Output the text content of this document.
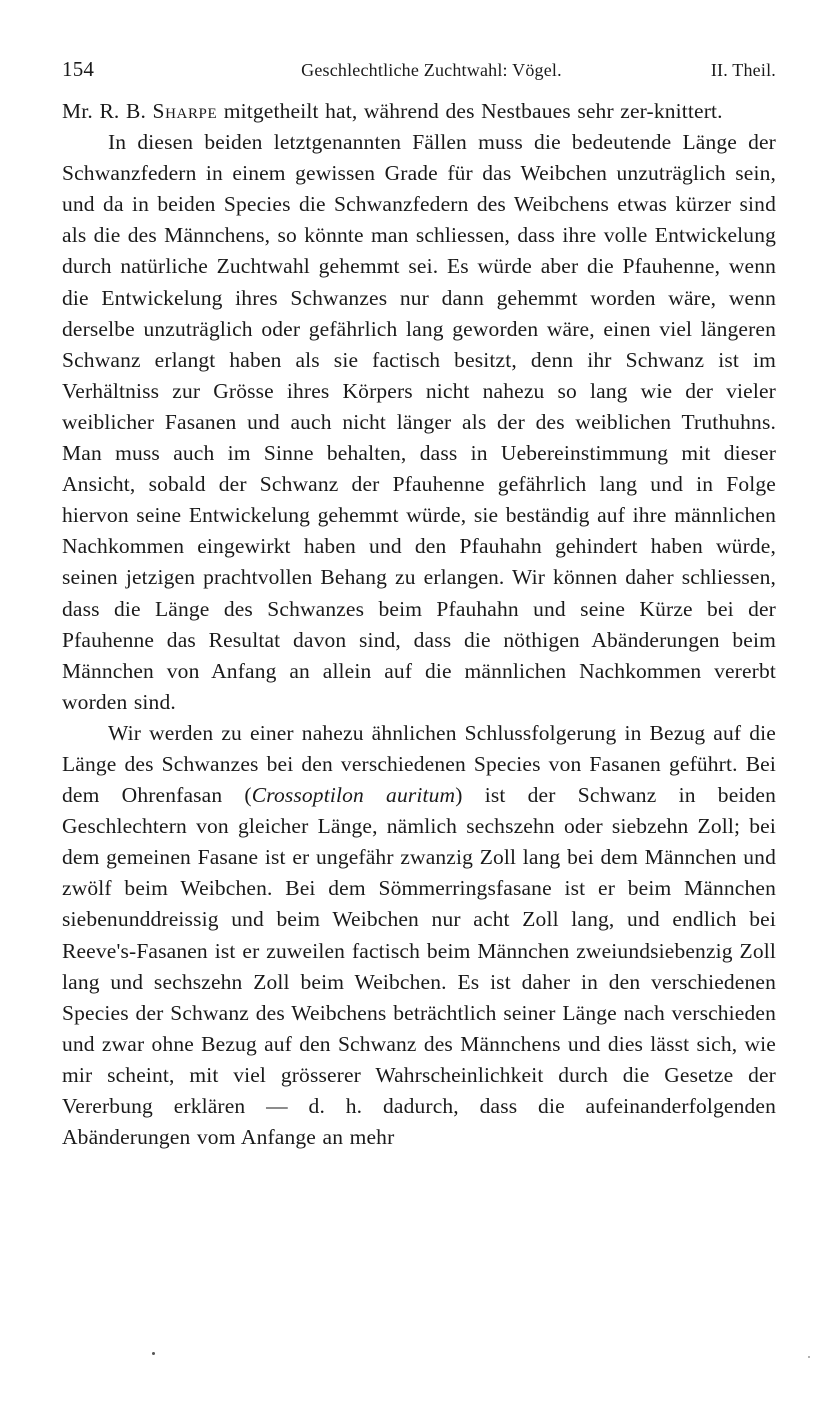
154	Geschlechtliche Zuchtwahl: Vögel.	II. Theil.

Mr. R. B. Sharpe mitgetheilt hat, während des Nestbaues sehr zer-knittert.

In diesen beiden letztgenannten Fällen muss die bedeutende Länge der Schwanzfedern in einem gewissen Grade für das Weibchen unzuträglich sein, und da in beiden Species die Schwanzfedern des Weibchens etwas kürzer sind als die des Männchens, so könnte man schliessen, dass ihre volle Entwickelung durch natürliche Zuchtwahl gehemmt sei. Es würde aber die Pfauhenne, wenn die Entwickelung ihres Schwanzes nur dann gehemmt worden wäre, wenn derselbe unzuträglich oder gefährlich lang geworden wäre, einen viel längeren Schwanz erlangt haben als sie factisch besitzt, denn ihr Schwanz ist im Verhältniss zur Grösse ihres Körpers nicht nahezu so lang wie der vieler weiblicher Fasanen und auch nicht länger als der des weiblichen Truthuhns. Man muss auch im Sinne behalten, dass in Uebereinstimmung mit dieser Ansicht, sobald der Schwanz der Pfauhenne gefährlich lang und in Folge hiervon seine Entwickelung gehemmt würde, sie beständig auf ihre männlichen Nachkommen eingewirkt haben und den Pfauhahn gehindert haben würde, seinen jetzigen prachtvollen Behang zu erlangen. Wir können daher schliessen, dass die Länge des Schwanzes beim Pfauhahn und seine Kürze bei der Pfauhenne das Resultat davon sind, dass die nöthigen Abänderungen beim Männchen von Anfang an allein auf die männlichen Nachkommen vererbt worden sind.

Wir werden zu einer nahezu ähnlichen Schlussfolgerung in Bezug auf die Länge des Schwanzes bei den verschiedenen Species von Fasanen geführt. Bei dem Ohrenfasan (Crossoptilon auritum) ist der Schwanz in beiden Geschlechtern von gleicher Länge, nämlich sechszehn oder siebzehn Zoll; bei dem gemeinen Fasane ist er ungefähr zwanzig Zoll lang bei dem Männchen und zwölf beim Weibchen. Bei dem Sömmerringsfasane ist er beim Männchen siebenunddreissig und beim Weibchen nur acht Zoll lang, und endlich bei Reeve's-Fasanen ist er zuweilen factisch beim Männchen zweiundsiebenzig Zoll lang und sechszehn Zoll beim Weibchen. Es ist daher in den verschiedenen Species der Schwanz des Weibchens beträchtlich seiner Länge nach verschieden und zwar ohne Bezug auf den Schwanz des Männchens und dies lässt sich, wie mir scheint, mit viel grösserer Wahrscheinlichkeit durch die Gesetze der Vererbung erklären — d. h. dadurch, dass die aufeinanderfolgenden Abänderungen vom Anfange an mehr
